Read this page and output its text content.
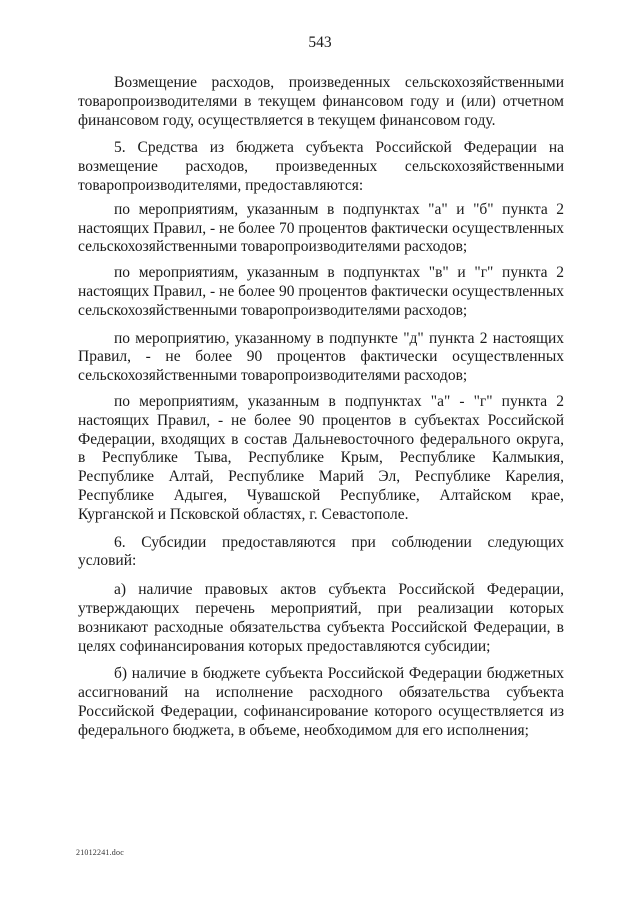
543

Возмещение расходов, произведенных сельскохозяйственными товаропроизводителями в текущем финансовом году и (или) отчетном финансовом году, осуществляется в текущем финансовом году.

5. Средства из бюджета субъекта Российской Федерации на возмещение расходов, произведенных сельскохозяйственными товаропроизводителями, предоставляются:

по мероприятиям, указанным в подпунктах "а" и "б" пункта 2 настоящих Правил, - не более 70 процентов фактически осуществленных сельскохозяйственными товаропроизводителями расходов;

по мероприятиям, указанным в подпунктах "в" и "г" пункта 2 настоящих Правил, - не более 90 процентов фактически осуществленных сельскохозяйственными товаропроизводителями расходов;

по мероприятию, указанному в подпункте "д" пункта 2 настоящих Правил, - не более 90 процентов фактически осуществленных сельскохозяйственными товаропроизводителями расходов;

по мероприятиям, указанным в подпунктах "а" - "г" пункта 2 настоящих Правил, - не более 90 процентов в субъектах Российской Федерации, входящих в состав Дальневосточного федерального округа, в Республике Тыва, Республике Крым, Республике Калмыкия, Республике Алтай, Республике Марий Эл, Республике Карелия, Республике Адыгея, Чувашской Республике, Алтайском крае, Курганской и Псковской областях, г. Севастополе.

6. Субсидии предоставляются при соблюдении следующих условий:

а) наличие правовых актов субъекта Российской Федерации, утверждающих перечень мероприятий, при реализации которых возникают расходные обязательства субъекта Российской Федерации, в целях софинансирования которых предоставляются субсидии;

б) наличие в бюджете субъекта Российской Федерации бюджетных ассигнований на исполнение расходного обязательства субъекта Российской Федерации, софинансирование которого осуществляется из федерального бюджета, в объеме, необходимом для его исполнения;

21012241.doc
